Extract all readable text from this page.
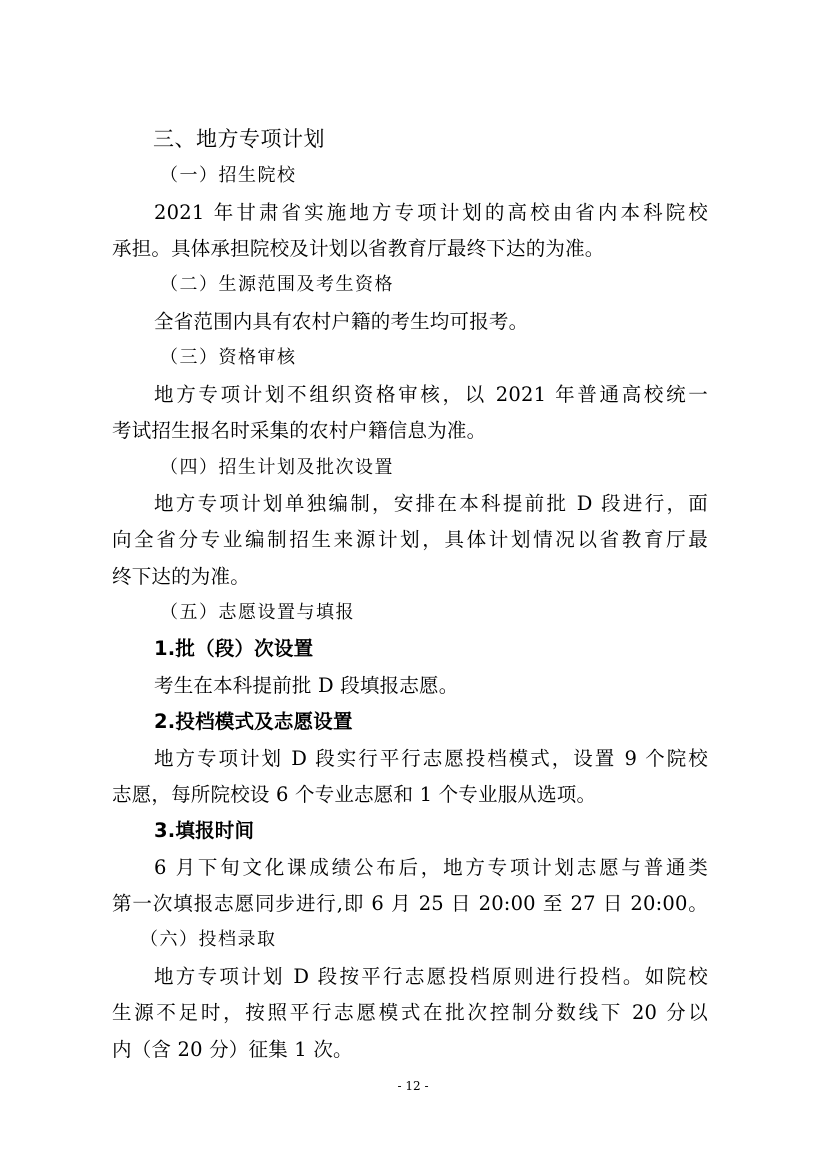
三、地方专项计划
（一）招生院校
2021 年甘肃省实施地方专项计划的高校由省内本科院校
承担。具体承担院校及计划以省教育厅最终下达的为准。
（二）生源范围及考生资格
全省范围内具有农村户籍的考生均可报考。
（三）资格审核
地方专项计划不组织资格审核，以 2021 年普通高校统一
考试招生报名时采集的农村户籍信息为准。
（四）招生计划及批次设置
地方专项计划单独编制，安排在本科提前批 D 段进行，面
向全省分专业编制招生来源计划，具体计划情况以省教育厅最
终下达的为准。
（五）志愿设置与填报
1.批（段）次设置
考生在本科提前批 D 段填报志愿。
2.投档模式及志愿设置
地方专项计划 D 段实行平行志愿投档模式，设置 9 个院校
志愿，每所院校设 6 个专业志愿和 1 个专业服从选项。
3.填报时间
6 月下旬文化课成绩公布后，地方专项计划志愿与普通类
第一次填报志愿同步进行,即 6 月 25 日 20:00 至 27 日 20:00。
（六）投档录取
地方专项计划 D 段按平行志愿投档原则进行投档。如院校
生源不足时，按照平行志愿模式在批次控制分数线下 20 分以
内（含 20 分）征集 1 次。
- 12 -
